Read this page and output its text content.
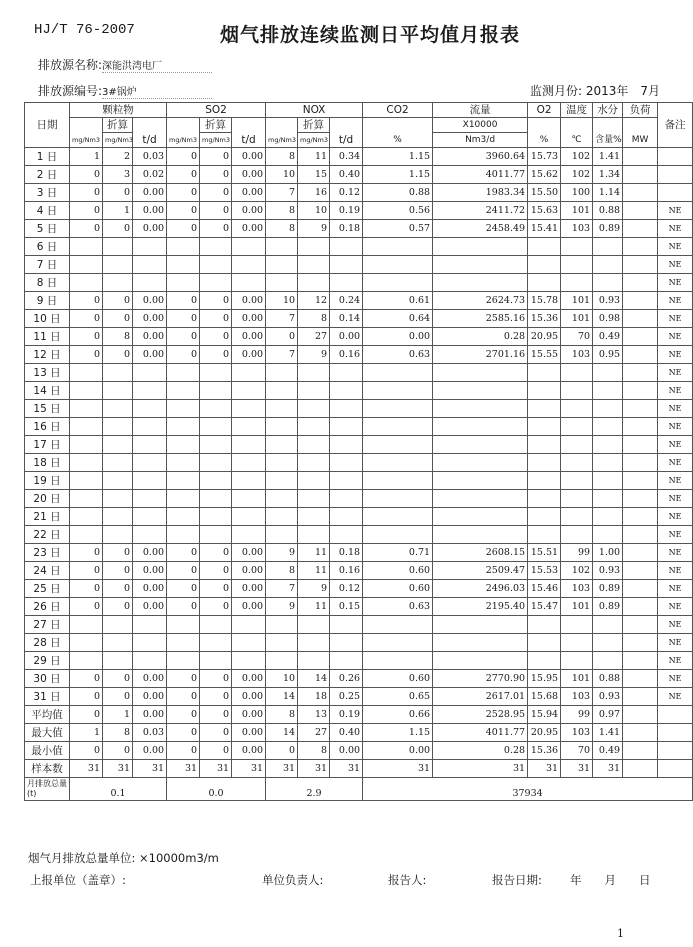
HJ/T 76-2007	烟气排放连续监测日平均值月报表
排放源名称:深能洪湾电厂
排放源编号:3#锅炉	监测月份: 2013年　7月
日期	颗粒物			SO2			NOX			CO2	流量	O2	温度	水分	负荷	备注
	mg/Nm3	折算	t/d	mg/Nm3	折算	t/d	mg/Nm3	折算	t/d	%	X10000	%	℃	含量%	MW	
		mg/Nm3			mg/Nm3			mg/Nm3			Nm3/d					
1 日	1	2	0.03	0	0	0.00	8	11	0.34	1.15	3960.64	15.73	102	1.41		
2 日	0	3	0.02	0	0	0.00	10	15	0.40	1.15	4011.77	15.62	102	1.34		
3 日	0	0	0.00	0	0	0.00	7	16	0.12	0.88	1983.34	15.50	100	1.14		
4 日	0	1	0.00	0	0	0.00	8	10	0.19	0.56	2411.72	15.63	101	0.88		NE
5 日	0	0	0.00	0	0	0.00	8	9	0.18	0.57	2458.49	15.41	103	0.89		NE
6 日																NE
7 日																NE
8 日																NE
9 日	0	0	0.00	0	0	0.00	10	12	0.24	0.61	2624.73	15.78	101	0.93		NE
10 日	0	0	0.00	0	0	0.00	7	8	0.14	0.64	2585.16	15.36	101	0.98		NE
11 日	0	8	0.00	0	0	0.00	0	27	0.00	0.00	0.28	20.95	70	0.49		NE
12 日	0	0	0.00	0	0	0.00	7	9	0.16	0.63	2701.16	15.55	103	0.95		NE
13 日																NE
14 日																NE
15 日																NE
16 日																NE
17 日																NE
18 日																NE
19 日																NE
20 日																NE
21 日																NE
22 日																NE
23 日	0	0	0.00	0	0	0.00	9	11	0.18	0.71	2608.15	15.51	99	1.00		NE
24 日	0	0	0.00	0	0	0.00	8	11	0.16	0.60	2509.47	15.53	102	0.93		NE
25 日	0	0	0.00	0	0	0.00	7	9	0.12	0.60	2496.03	15.46	103	0.89		NE
26 日	0	0	0.00	0	0	0.00	9	11	0.15	0.63	2195.40	15.47	101	0.89		NE
27 日																NE
28 日																NE
29 日																NE
30 日	0	0	0.00	0	0	0.00	10	14	0.26	0.60	2770.90	15.95	101	0.88		NE
31 日	0	0	0.00	0	0	0.00	14	18	0.25	0.65	2617.01	15.68	103	0.93		NE
平均值	0	1	0.00	0	0	0.00	8	13	0.19	0.66	2528.95	15.94	99	0.97		
最大值	1	8	0.03	0	0	0.00	14	27	0.40	1.15	4011.77	20.95	103	1.41		
最小值	0	0	0.00	0	0	0.00	0	8	0.00	0.00	0.28	15.36	70	0.49		
样本数	31	31	31	31	31	31	31	31	31	31	31	31	31	31		
月排放总量(t)	0.1			0.0			2.9			37934						
烟气月排放总量单位: ×10000m3/m
上报单位（盖章）:	单位负责人:	报告人:	报告日期: 年　　月　　日
1
